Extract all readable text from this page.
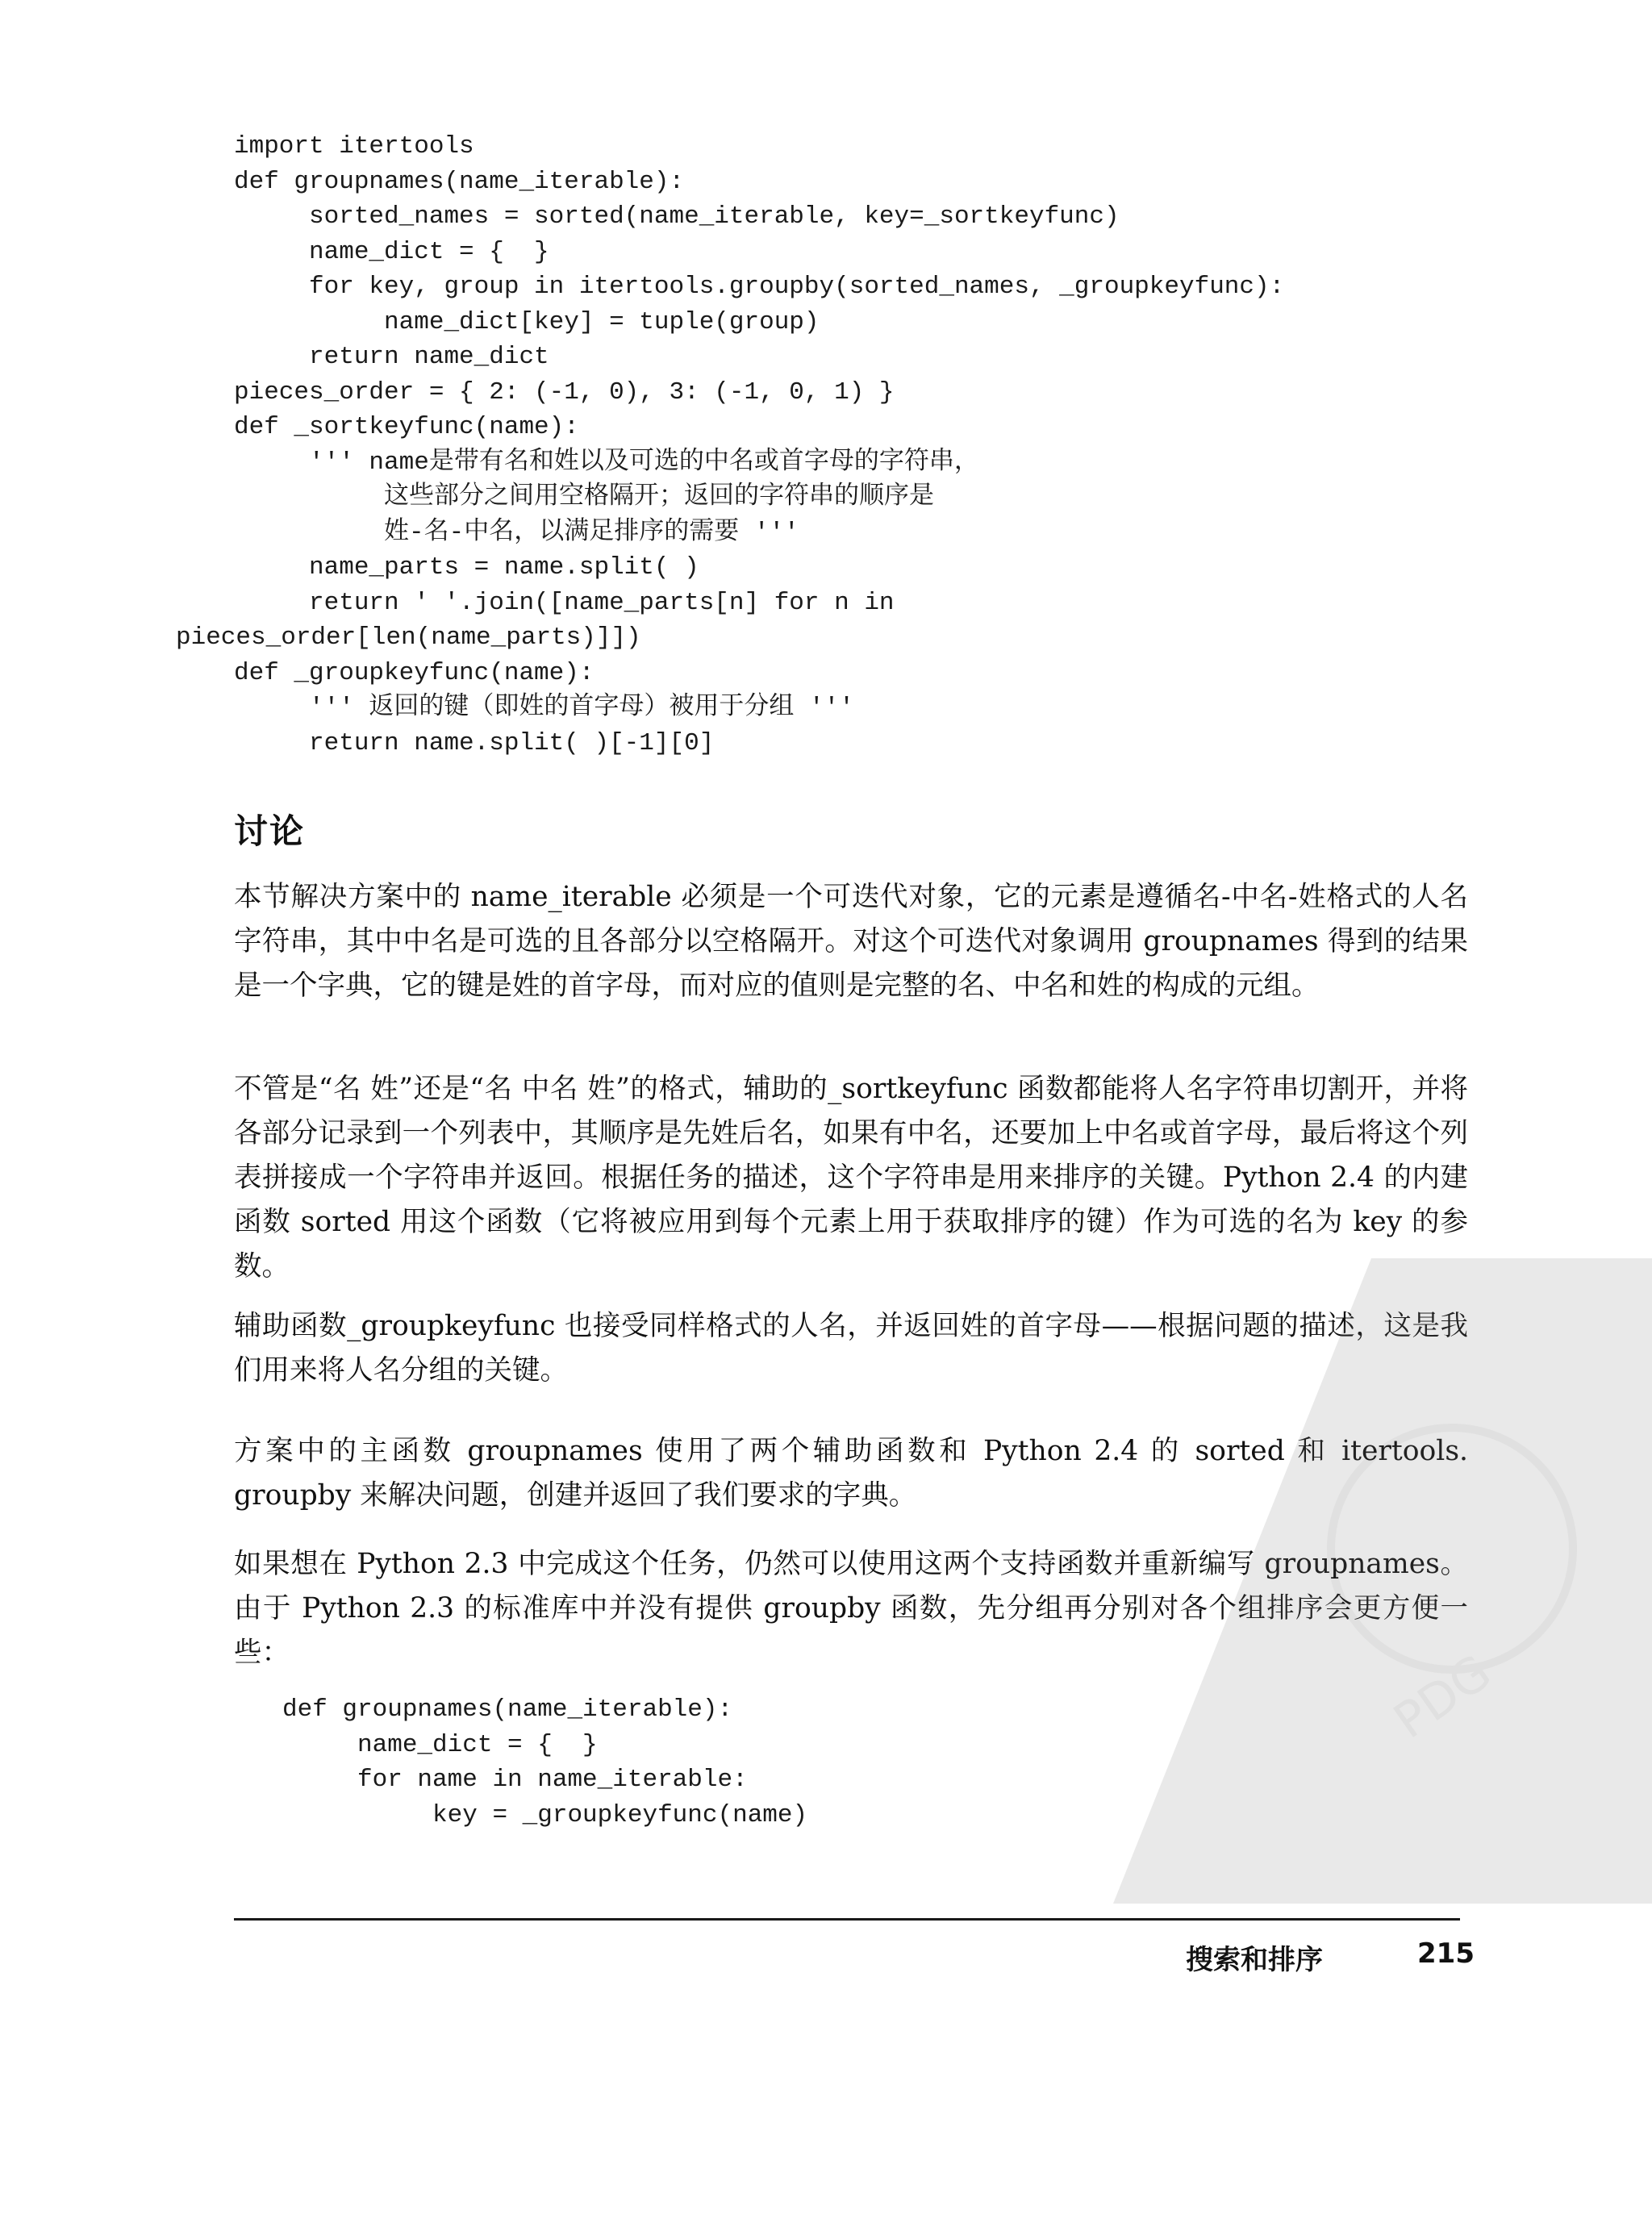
import itertools
def groupnames(name_iterable):
sorted_names = sorted(name_iterable, key=_sortkeyfunc)
name_dict = {  }
for key, group in itertools.groupby(sorted_names, _groupkeyfunc):
name_dict[key] = tuple(group)
return name_dict
pieces_order = { 2: (-1, 0), 3: (-1, 0, 1) }
def _sortkeyfunc(name):
''' name是带有名和姓以及可选的中名或首字母的字符串，
这些部分之间用空格隔开；返回的字符串的顺序是
姓-名-中名，以满足排序的需要 '''
name_parts = name.split( )
return ' '.join([name_parts[n] for n in
pieces_order[len(name_parts)]])
def _groupkeyfunc(name):
''' 返回的键（即姓的首字母）被用于分组 '''
return name.split( )[-1][0]
讨论

本节解决方案中的 name_iterable 必须是一个可迭代对象，它的元素是遵循名-中名-姓格式的人名字符串，其中中名是可选的且各部分以空格隔开。对这个可迭代对象调用 groupnames 得到的结果是一个字典，它的键是姓的首字母，而对应的值则是完整的名、中名和姓的构成的元组。

不管是“名 姓”还是“名 中名 姓”的格式，辅助的_sortkeyfunc 函数都能将人名字符串切割开，并将各部分记录到一个列表中，其顺序是先姓后名，如果有中名，还要加上中名或首字母，最后将这个列表拼接成一个字符串并返回。根据任务的描述，这个字符串是用来排序的关键。Python 2.4 的内建函数 sorted 用这个函数（它将被应用到每个元素上用于获取排序的键）作为可选的名为 key 的参数。

辅助函数_groupkeyfunc 也接受同样格式的人名，并返回姓的首字母——根据问题的描述，这是我们用来将人名分组的关键。

方案中的主函数 groupnames 使用了两个辅助函数和 Python 2.4 的 sorted 和 itertools. groupby 来解决问题，创建并返回了我们要求的字典。

如果想在 Python 2.3 中完成这个任务，仍然可以使用这两个支持函数并重新编写 groupnames。由于 Python 2.3 的标准库中并没有提供 groupby 函数，先分组再分别对各个组排序会更方便一些：

def groupnames(name_iterable):
name_dict = {  }
for name in name_iterable:
key = _groupkeyfunc(name)
PDG
搜索和排序	215
